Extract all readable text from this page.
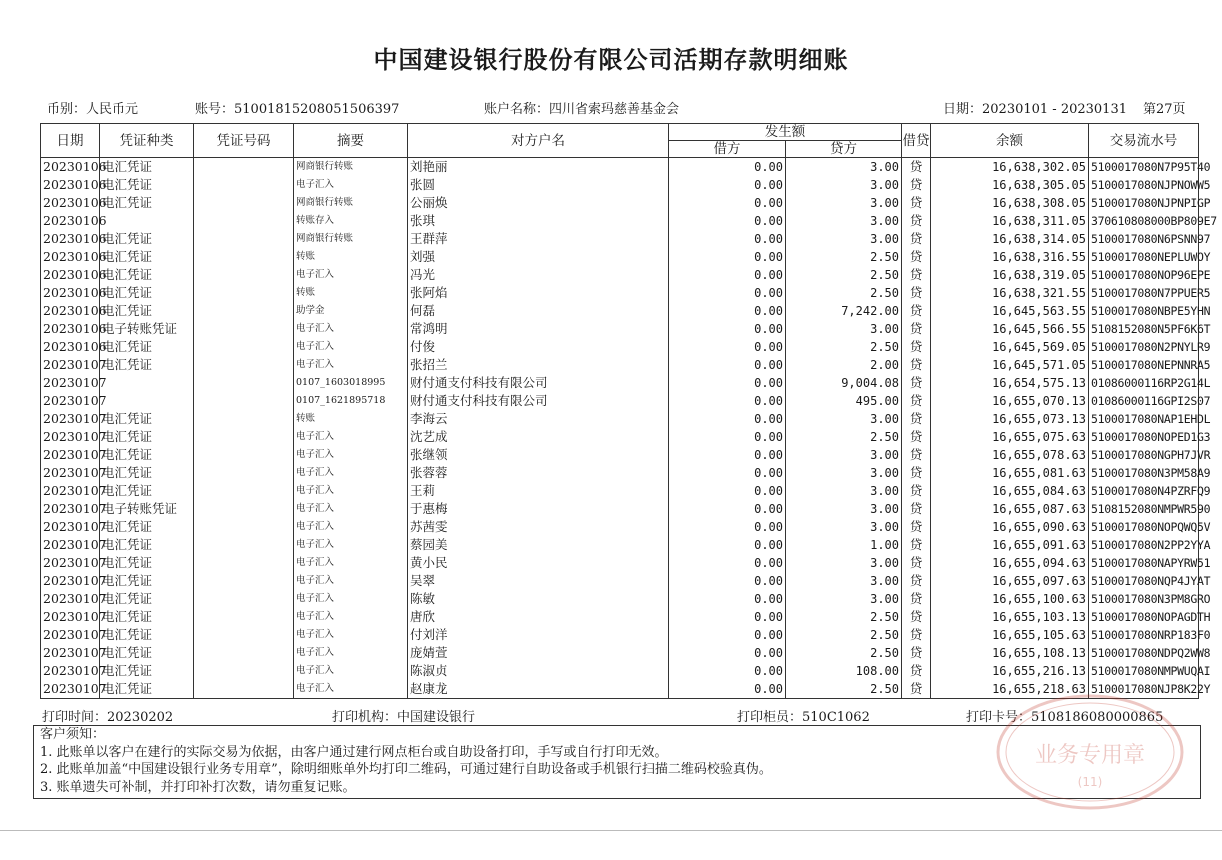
中国建设银行股份有限公司活期存款明细账
币别：人民币元	账号：51001815208051506397	账户名称：四川省索玛慈善基金会	日期：20230101 - 20230131 第27页
日期	凭证种类	凭证号码	摘要	对方户名	发生额		借贷	余额	交易流水号
					借方	贷方			
20230106	电汇凭证		网商银行转账	刘艳丽	0.00	3.00	贷	16,638,302.05	5100017080N7P95T40
20230106	电汇凭证		电子汇入	张圆	0.00	3.00	贷	16,638,305.05	5100017080NJPNOWW5
20230106	电汇凭证		网商银行转账	公丽焕	0.00	3.00	贷	16,638,308.05	5100017080NJPNPIGP
20230106			转账存入	张琪	0.00	3.00	贷	16,638,311.05	370610808000BP809E7
20230106	电汇凭证		网商银行转账	王群萍	0.00	3.00	贷	16,638,314.05	5100017080N6PSNN97
20230106	电汇凭证		转账	刘强	0.00	2.50	贷	16,638,316.55	5100017080NEPLUWOY
20230106	电汇凭证		电子汇入	冯光	0.00	2.50	贷	16,638,319.05	5100017080NOP96EPE
20230106	电汇凭证		转账	张阿焰	0.00	2.50	贷	16,638,321.55	5100017080N7PPUER5
20230106	电汇凭证		助学金	何磊	0.00	7,242.00	贷	16,645,563.55	5100017080NBPE5YHN
20230106	电子转账凭证		电子汇入	常鸿明	0.00	3.00	贷	16,645,566.55	5108152080N5PF6K6T
20230106	电汇凭证		电子汇入	付俊	0.00	2.50	贷	16,645,569.05	5100017080N2PNYLR9
20230107	电汇凭证		电子汇入	张招兰	0.00	2.00	贷	16,645,571.05	5100017080NEPNNRA5
20230107			0107_1603018995	财付通支付科技有限公司	0.00	9,004.08	贷	16,654,575.13	01086000116RP2G14L
20230107			0107_1621895718	财付通支付科技有限公司	0.00	495.00	贷	16,655,070.13	01086000116GPI2S07
20230107	电汇凭证		转账	李海云	0.00	3.00	贷	16,655,073.13	5100017080NAP1EHDL
20230107	电汇凭证		电子汇入	沈艺成	0.00	2.50	贷	16,655,075.63	5100017080NOPED1G3
20230107	电汇凭证		电子汇入	张继领	0.00	3.00	贷	16,655,078.63	5100017080NGPH7JVR
20230107	电汇凭证		电子汇入	张蓉蓉	0.00	3.00	贷	16,655,081.63	5100017080N3PM58A9
20230107	电汇凭证		电子汇入	王莉	0.00	3.00	贷	16,655,084.63	5100017080N4PZRFQ9
20230107	电子转账凭证		电子汇入	于惠梅	0.00	3.00	贷	16,655,087.63	5108152080NMPWR590
20230107	电汇凭证		电子汇入	苏茜雯	0.00	3.00	贷	16,655,090.63	5100017080NOPQWQ5V
20230107	电汇凭证		电子汇入	蔡园美	0.00	1.00	贷	16,655,091.63	5100017080N2PP2YYA
20230107	电汇凭证		电子汇入	黄小民	0.00	3.00	贷	16,655,094.63	5100017080NAPYRW51
20230107	电汇凭证		电子汇入	吴翠	0.00	3.00	贷	16,655,097.63	5100017080NQP4JYAT
20230107	电汇凭证		电子汇入	陈敏	0.00	3.00	贷	16,655,100.63	5100017080N3PM8GRO
20230107	电汇凭证		电子汇入	唐欣	0.00	2.50	贷	16,655,103.13	5100017080NOPAGDTH
20230107	电汇凭证		电子汇入	付刘洋	0.00	2.50	贷	16,655,105.63	5100017080NRP183F0
20230107	电汇凭证		电子汇入	庞婧萱	0.00	2.50	贷	16,655,108.13	5100017080NDPQ2WW8
20230107	电汇凭证		电子汇入	陈淑贞	0.00	108.00	贷	16,655,216.13	5100017080NMPWUQAI
20230107	电汇凭证		电子汇入	赵康龙	0.00	2.50	贷	16,655,218.63	5100017080NJP8K22Y
打印时间：20230202	打印机构：中国建设银行	打印柜员：510C1062	打印卡号：5108186080000865
客户须知：
1. 此账单以客户在建行的实际交易为依据，由客户通过建行网点柜台或自助设备打印，手写或自行打印无效。
2. 此账单加盖“中国建设银行业务专用章”，除明细账单外均打印二维码，可通过建行自助设备或手机银行扫描二维码校验真伪。
3. 账单遗失可补制，并打印补打次数，请勿重复记账。
业务专用章
(11)
